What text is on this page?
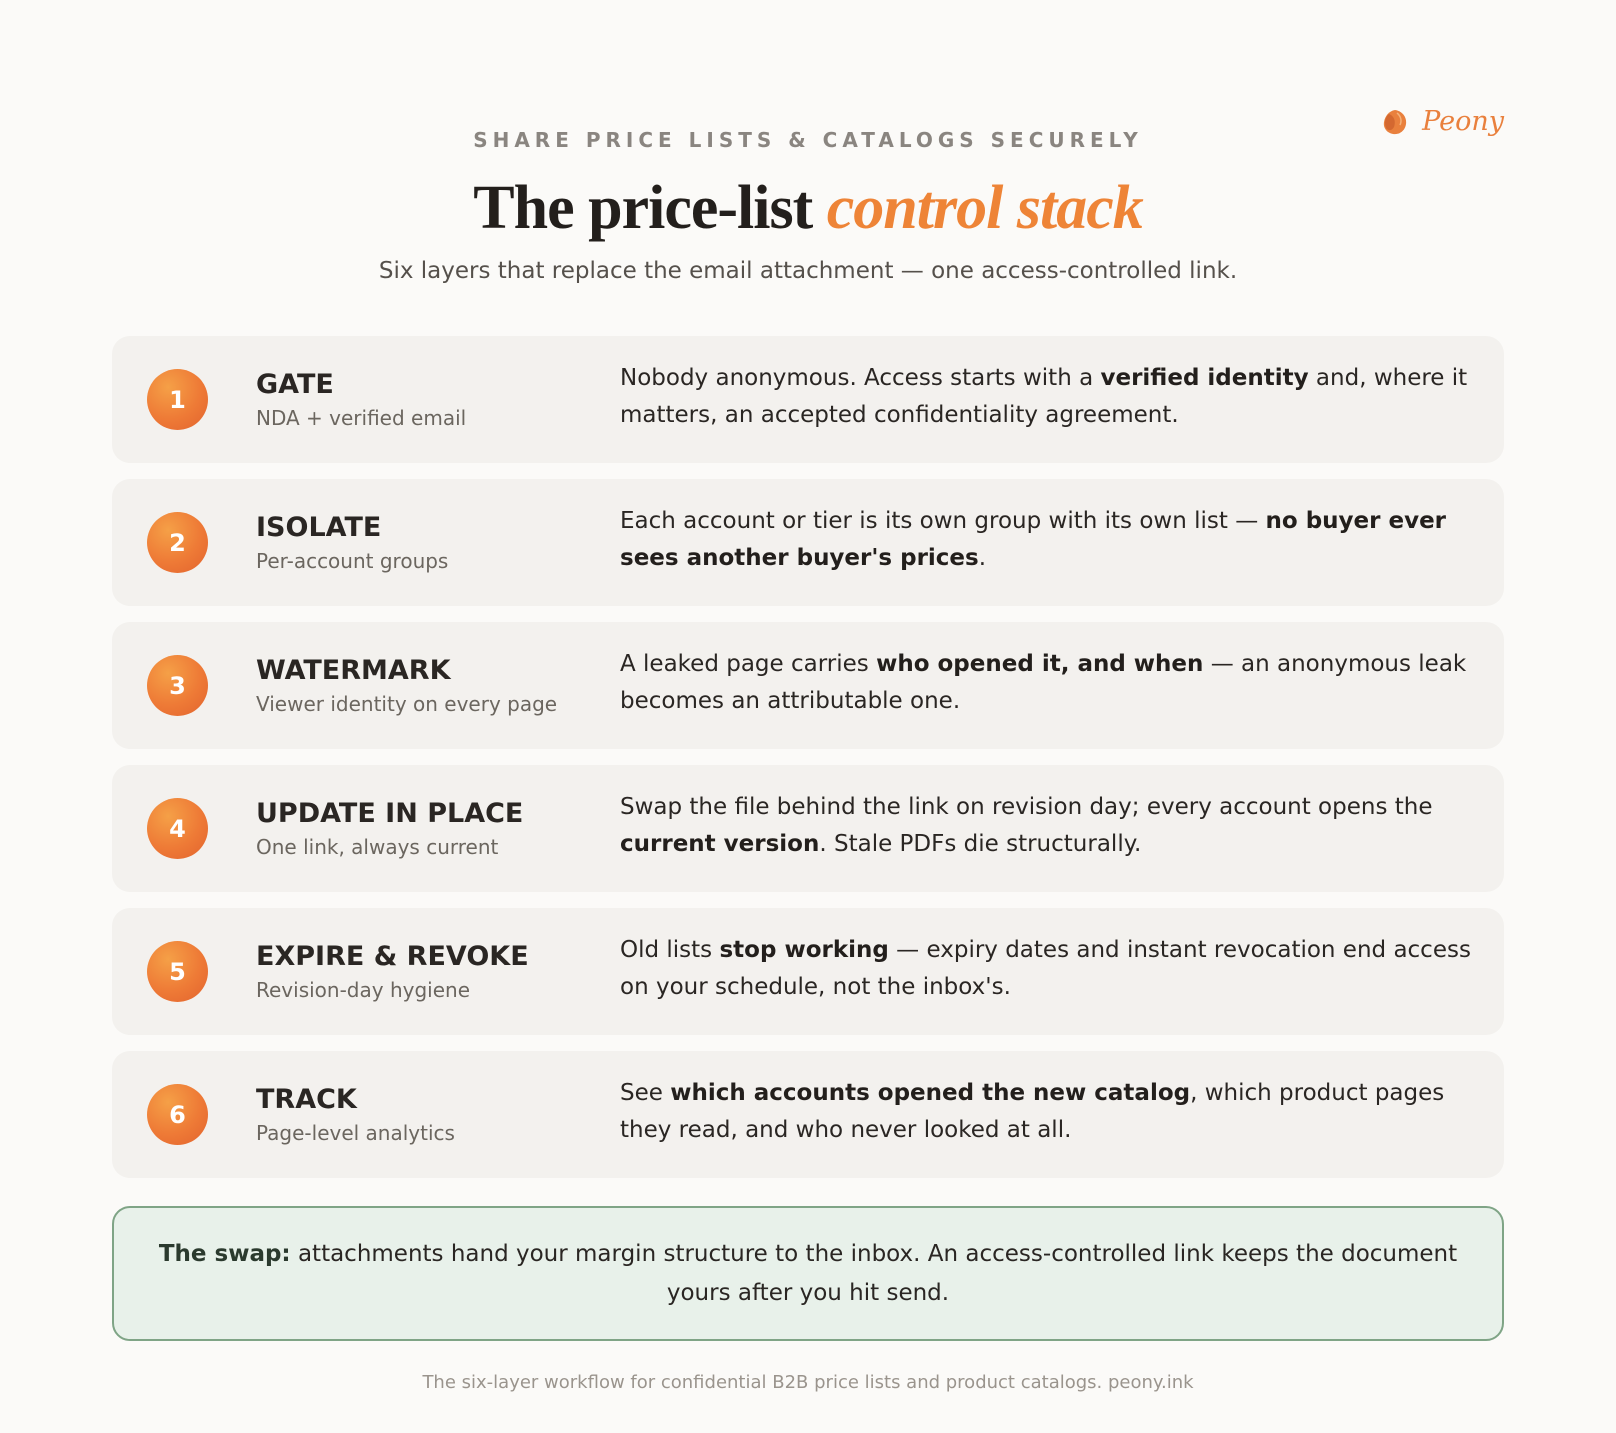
Peony
SHARE PRICE LISTS & CATALOGS SECURELY
The price-list control stack
Six layers that replace the email attachment — one access-controlled link.
1	GATE
NDA + verified email
Nobody anonymous. Access starts with a verified identity and, where it matters, an accepted confidentiality agreement.
2	ISOLATE
Per-account groups
Each account or tier is its own group with its own list — no buyer ever sees another buyer's prices.
3	WATERMARK
Viewer identity on every page
A leaked page carries who opened it, and when — an anonymous leak becomes an attributable one.
4	UPDATE IN PLACE
One link, always current
Swap the file behind the link on revision day; every account opens the current version. Stale PDFs die structurally.
5	EXPIRE & REVOKE
Revision-day hygiene
Old lists stop working — expiry dates and instant revocation end access on your schedule, not the inbox's.
6	TRACK
Page-level analytics
See which accounts opened the new catalog, which product pages they read, and who never looked at all.

The swap: attachments hand your margin structure to the inbox. An access-controlled link keeps the document yours after you hit send.

The six-layer workflow for confidential B2B price lists and product catalogs. peony.ink
